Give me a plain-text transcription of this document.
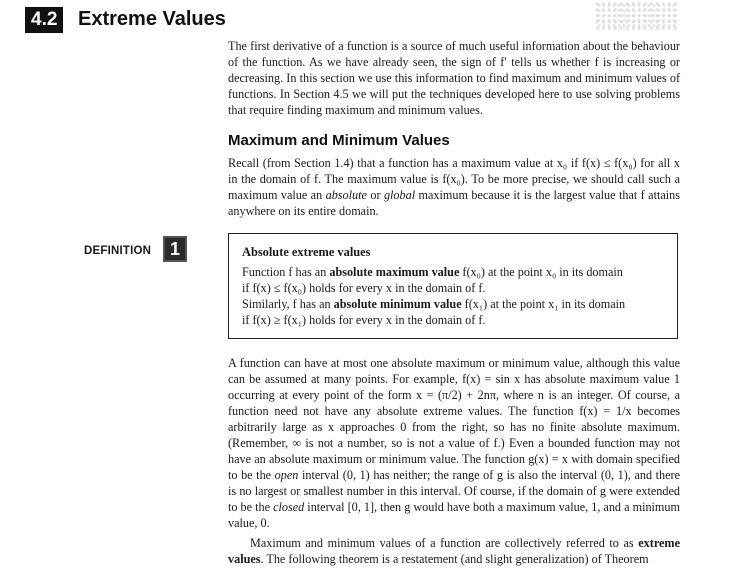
4.2	Extreme Values

The first derivative of a function is a source of much useful information about the behaviour of the function. As we have already seen, the sign of f′ tells us whether f is increasing or decreasing. In this section we use this information to find maximum and minimum values of functions. In Section 4.5 we will put the techniques developed here to use solving problems that require finding maximum and minimum values.

Maximum and Minimum Values

Recall (from Section 1.4) that a function has a maximum value at x₀ if f(x) ≤ f(x₀) for all x in the domain of f. The maximum value is f(x₀). To be more precise, we should call such a maximum value an absolute or global maximum because it is the largest value that f attains anywhere on its entire domain.

DEFINITION	1	Absolute extreme values
Function f has an absolute maximum value f(x₀) at the point x₀ in its domain
if f(x) ≤ f(x₀) holds for every x in the domain of f.
Similarly, f has an absolute minimum value f(x₁) at the point x₁ in its domain
if f(x) ≥ f(x₁) holds for every x in the domain of f.

A function can have at most one absolute maximum or minimum value, although this value can be assumed at many points. For example, f(x) = sin x has absolute maximum value 1 occurring at every point of the form x = (π/2) + 2nπ, where n is an integer. Of course, a function need not have any absolute extreme values. The function f(x) = 1/x becomes arbitrarily large as x approaches 0 from the right, so has no finite absolute maximum. (Remember, ∞ is not a number, so is not a value of f.) Even a bounded function may not have an absolute maximum or minimum value. The function g(x) = x with domain specified to be the open interval (0, 1) has neither; the range of g is also the interval (0, 1), and there is no largest or smallest number in this interval. Of course, if the domain of g were extended to be the closed interval [0, 1], then g would have both a maximum value, 1, and a minimum value, 0.

Maximum and minimum values of a function are collectively referred to as extreme values. The following theorem is a restatement (and slight generalization) of Theorem
